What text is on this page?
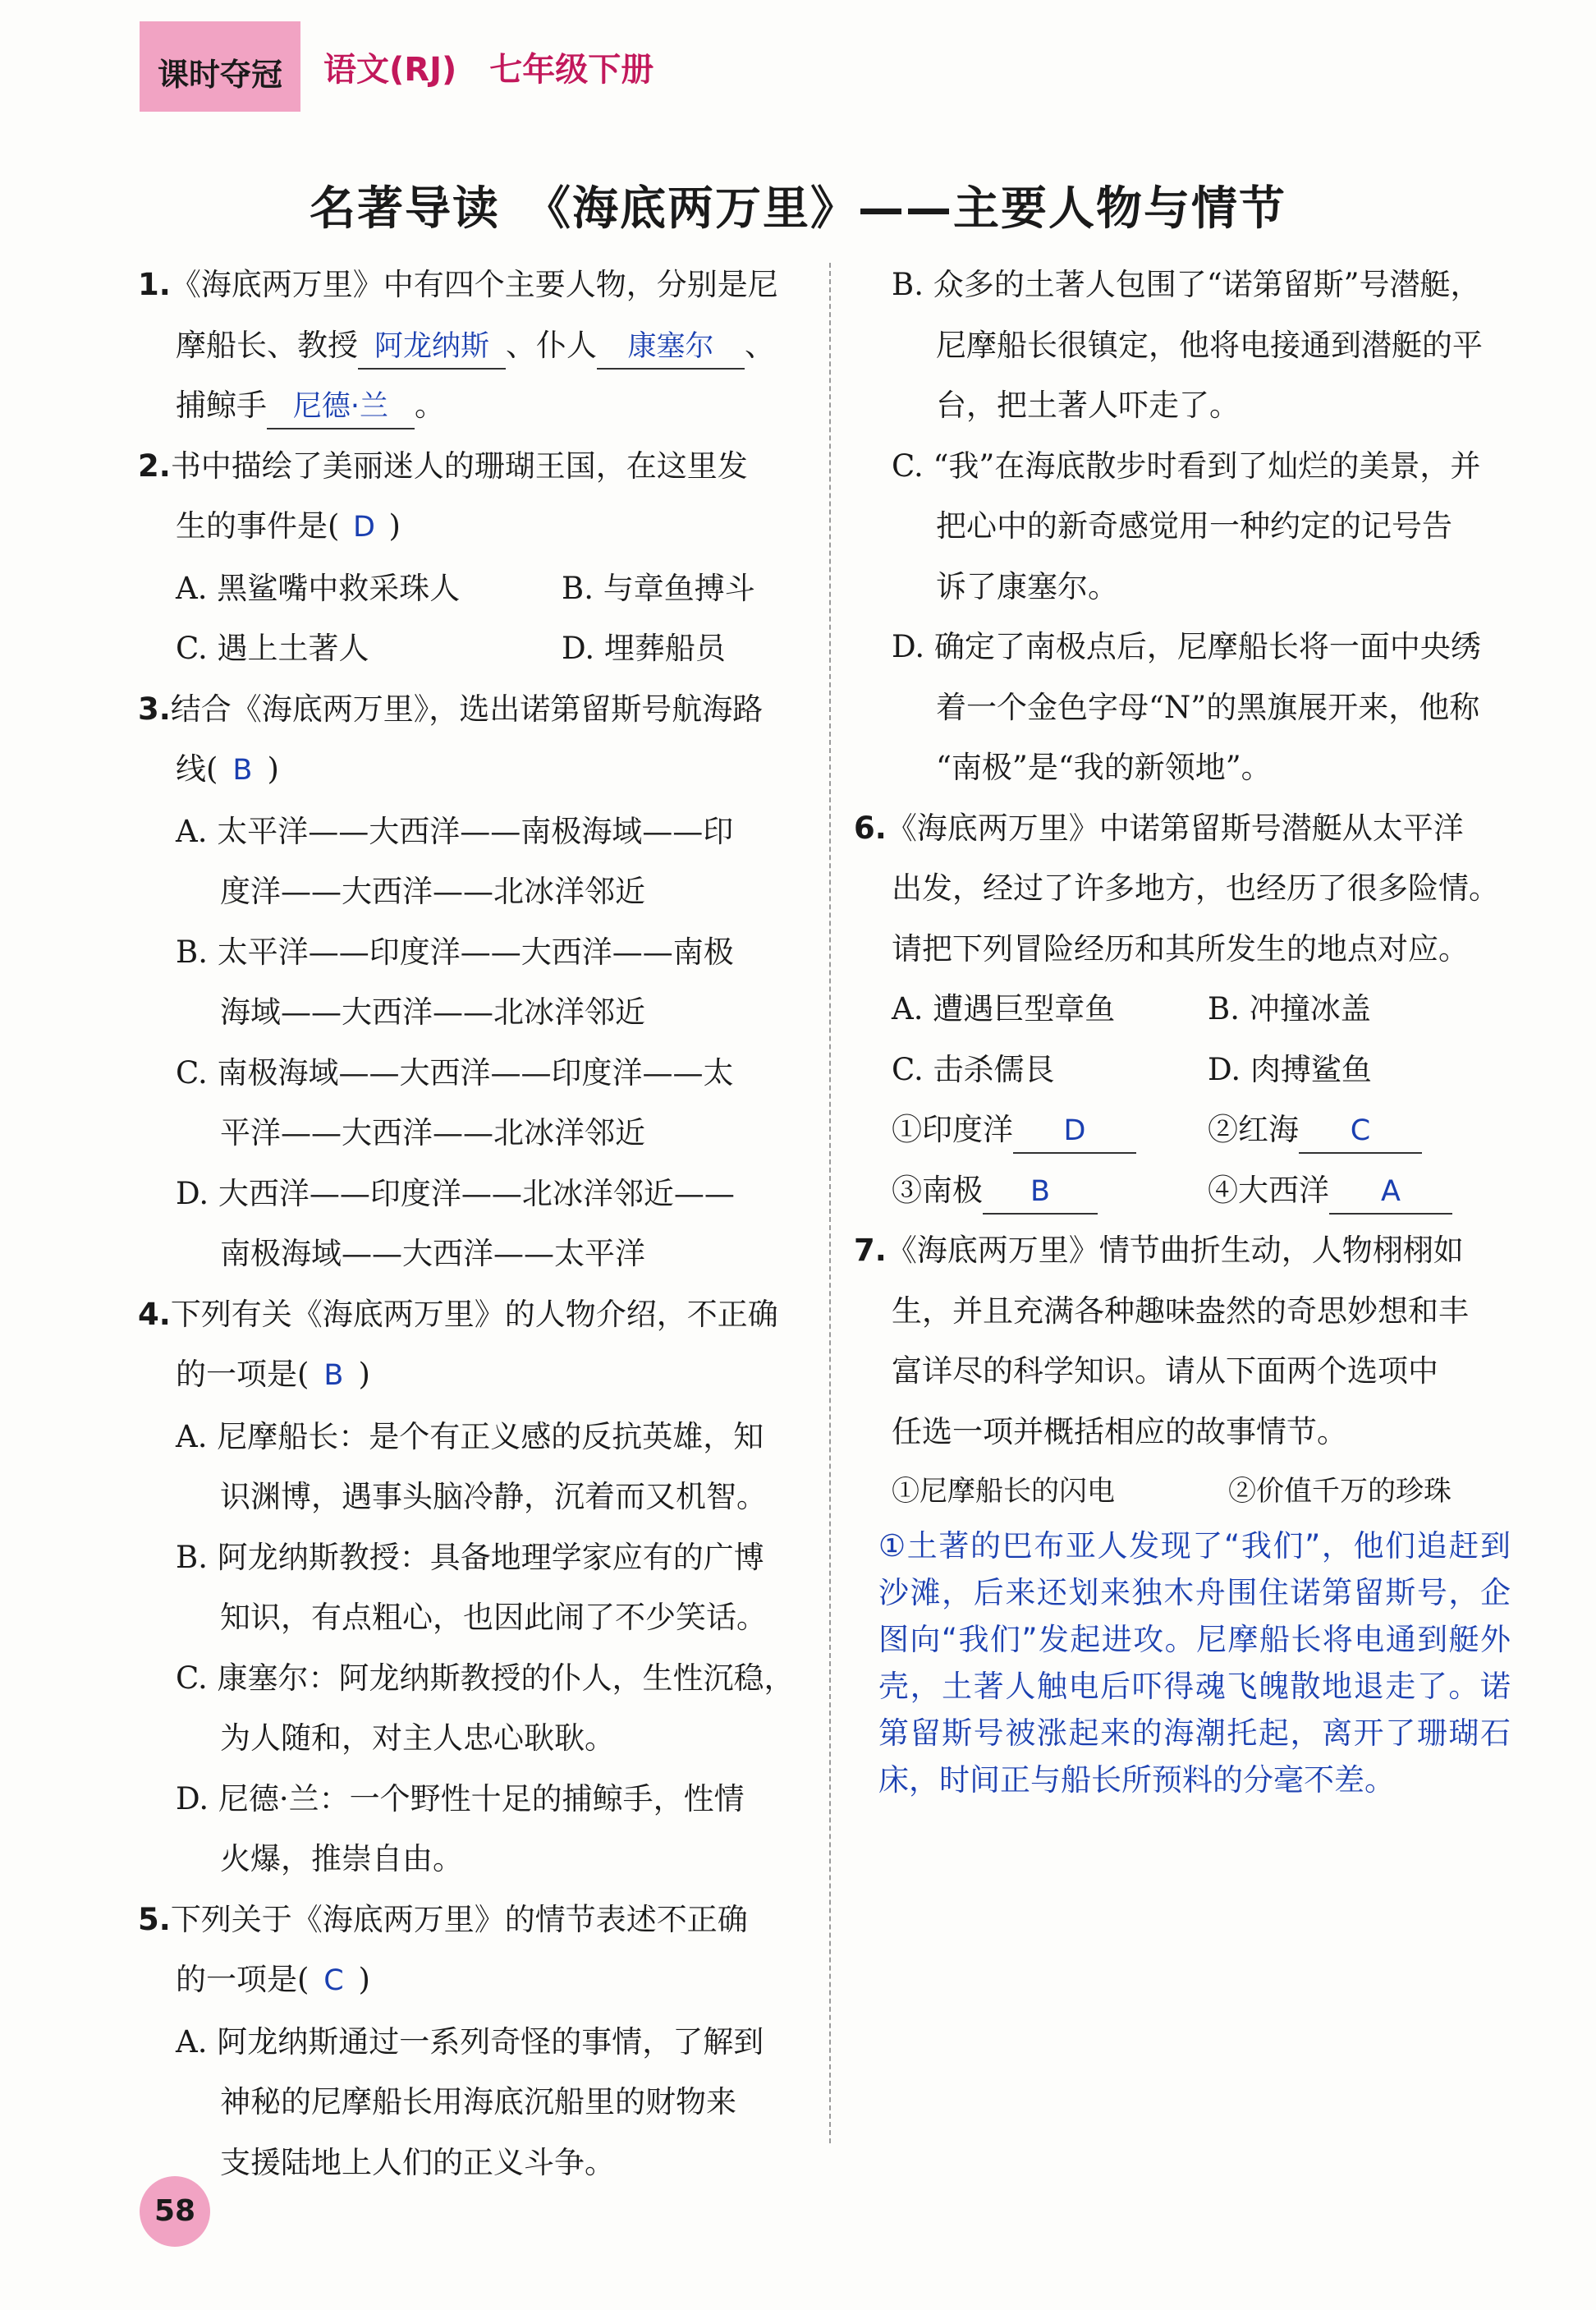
课时夺冠	语文(RJ)　七年级下册
名著导读　《海底两万里》——主要人物与情节
1.《海底两万里》中有四个主要人物，分别是尼
摩船长、教授 阿龙纳斯 、仆人 康塞尔 、
捕鲸手 尼德·兰 。
2.书中描绘了美丽迷人的珊瑚王国，在这里发
生的事件是( D )
A. 黑鲨嘴中救采珠人	B. 与章鱼搏斗
C. 遇上土著人	D. 埋葬船员
3.结合《海底两万里》，选出诺第留斯号航海路
线( B )
A. 太平洋——大西洋——南极海域——印
度洋——大西洋——北冰洋邻近
B. 太平洋——印度洋——大西洋——南极
海域——大西洋——北冰洋邻近
C. 南极海域——大西洋——印度洋——太
平洋——大西洋——北冰洋邻近
D. 大西洋——印度洋——北冰洋邻近——
南极海域——大西洋——太平洋
4.下列有关《海底两万里》的人物介绍，不正确
的一项是( B )
A. 尼摩船长：是个有正义感的反抗英雄，知
识渊博，遇事头脑冷静，沉着而又机智。
B. 阿龙纳斯教授：具备地理学家应有的广博
知识，有点粗心，也因此闹了不少笑话。
C. 康塞尔：阿龙纳斯教授的仆人，生性沉稳，
为人随和，对主人忠心耿耿。
D. 尼德·兰：一个野性十足的捕鲸手，性情
火爆，推崇自由。
5.下列关于《海底两万里》的情节表述不正确
的一项是( C )
A. 阿龙纳斯通过一系列奇怪的事情，了解到
神秘的尼摩船长用海底沉船里的财物来
支援陆地上人们的正义斗争。
B. 众多的土著人包围了“诺第留斯”号潜艇，
尼摩船长很镇定，他将电接通到潜艇的平
台，把土著人吓走了。
C. “我”在海底散步时看到了灿烂的美景，并
把心中的新奇感觉用一种约定的记号告
诉了康塞尔。
D. 确定了南极点后，尼摩船长将一面中央绣
着一个金色字母“N”的黑旗展开来，他称
“南极”是“我的新领地”。
6.《海底两万里》中诺第留斯号潜艇从太平洋
出发，经过了许多地方，也经历了很多险情。
请把下列冒险经历和其所发生的地点对应。
A. 遭遇巨型章鱼	B. 冲撞冰盖
C. 击杀儒艮	D. 肉搏鲨鱼
①印度洋 D	②红海 C
③南极 B	④大西洋 A
7.《海底两万里》情节曲折生动，人物栩栩如
生，并且充满各种趣味盎然的奇思妙想和丰
富详尽的科学知识。请从下面两个选项中
任选一项并概括相应的故事情节。
①尼摩船长的闪电	②价值千万的珍珠
①土著的巴布亚人发现了“我们”，他们追赶到沙滩，后来还划来独木舟围住诺第留斯号，企图向“我们”发起进攻。尼摩船长将电通到艇外壳，土著人触电后吓得魂飞魄散地退走了。诺第留斯号被涨起来的海潮托起，离开了珊瑚石床，时间正与船长所预料的分毫不差。
58
